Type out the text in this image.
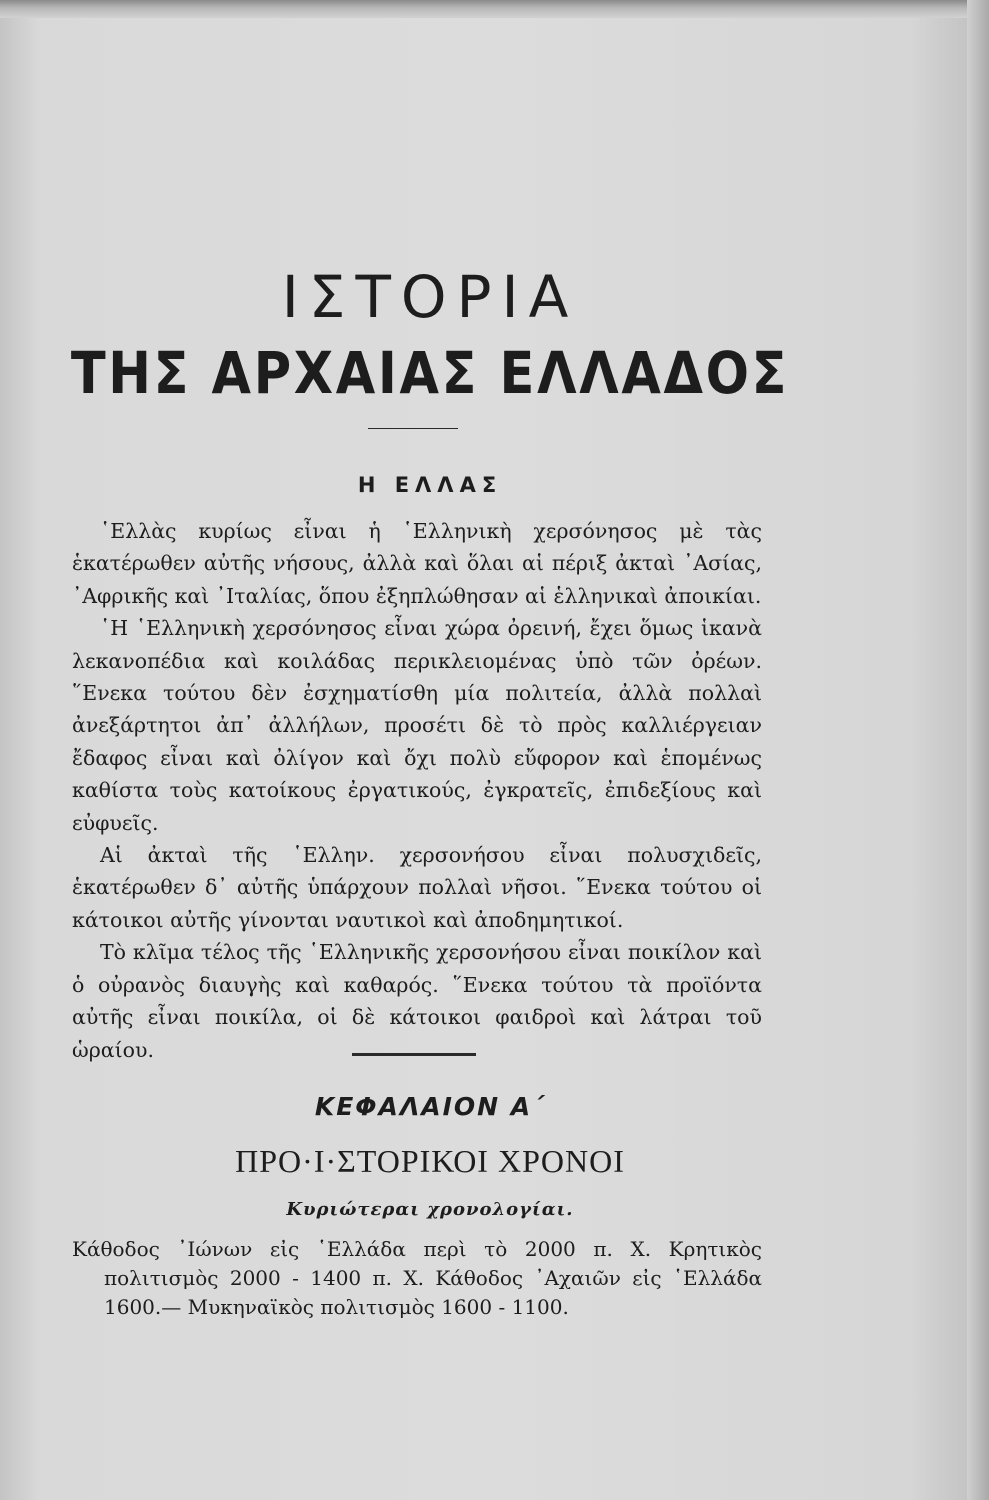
ΙΣΤΟΡΙΑ
ΤΗΣ ΑΡΧΑΙΑΣ ΕΛΛΑΔΟΣ
Η ΕΛΛΑΣ

῾Ελλὰς κυρίως εἶναι ἡ ῾Ελληνικὴ χερσόνησος μὲ τὰς ἑκατέρωθεν αὐτῆς νήσους, ἀλλὰ καὶ ὅλαι αἱ πέριξ ἀκταὶ ᾿Ασίας, ᾿Αφρικῆς καὶ ᾿Ιταλίας, ὅπου ἐξηπλώθησαν αἱ ἑλληνικαὶ ἀποικίαι.

῾Η ῾Ελληνικὴ χερσόνησος εἶναι χώρα ὀρεινή, ἔχει ὅμως ἱκανὰ λεκανοπέδια καὶ κοιλάδας περικλειομένας ὑπὸ τῶν ὀρέων. ῞Ενεκα τούτου δὲν ἐσχηματίσθη μία πολιτεία, ἀλλὰ πολλαὶ ἀνεξάρτητοι ἀπ᾿ ἀλλήλων, προσέτι δὲ τὸ πρὸς καλλιέργειαν ἔδαφος εἶναι καὶ ὀλίγον καὶ ὄχι πολὺ εὔφορον καὶ ἑπομένως καθίστα τοὺς κατοίκους ἐργατικούς, ἐγκρατεῖς, ἐπιδεξίους καὶ εὐφυεῖς.

Αἱ ἀκταὶ τῆς ῾Ελλην. χερσονήσου εἶναι πολυσχιδεῖς, ἑκατέρωθεν δ᾿ αὐτῆς ὑπάρχουν πολλαὶ νῆσοι. ῞Ενεκα τούτου οἱ κάτοικοι αὐτῆς γίνονται ναυτικοὶ καὶ ἀποδημητικοί.

Τὸ κλῖμα τέλος τῆς ῾Ελληνικῆς χερσονήσου εἶναι ποικίλον καὶ ὁ οὐρανὸς διαυγὴς καὶ καθαρός. ῞Ενεκα τούτου τὰ προϊόντα αὐτῆς εἶναι ποικίλα, οἱ δὲ κάτοικοι φαιδροὶ καὶ λάτραι τοῦ ὡραίου.

ΚΕΦΑΛΑΙΟΝ Α΄
ΠΡΟ·Ι·ΣΤΟΡΙΚΟΙ ΧΡΟΝΟΙ
Κυριώτεραι χρονολογίαι.

Κάθοδος ᾿Ιώνων εἰς ῾Ελλάδα περὶ τὸ 2000 π. Χ. Κρητικὸς πολιτισμὸς 2000 - 1400 π. Χ. Κάθοδος ᾿Αχαιῶν εἰς ῾Ελλάδα 1600.— Μυκηναϊκὸς πολιτισμὸς 1600 - 1100.
